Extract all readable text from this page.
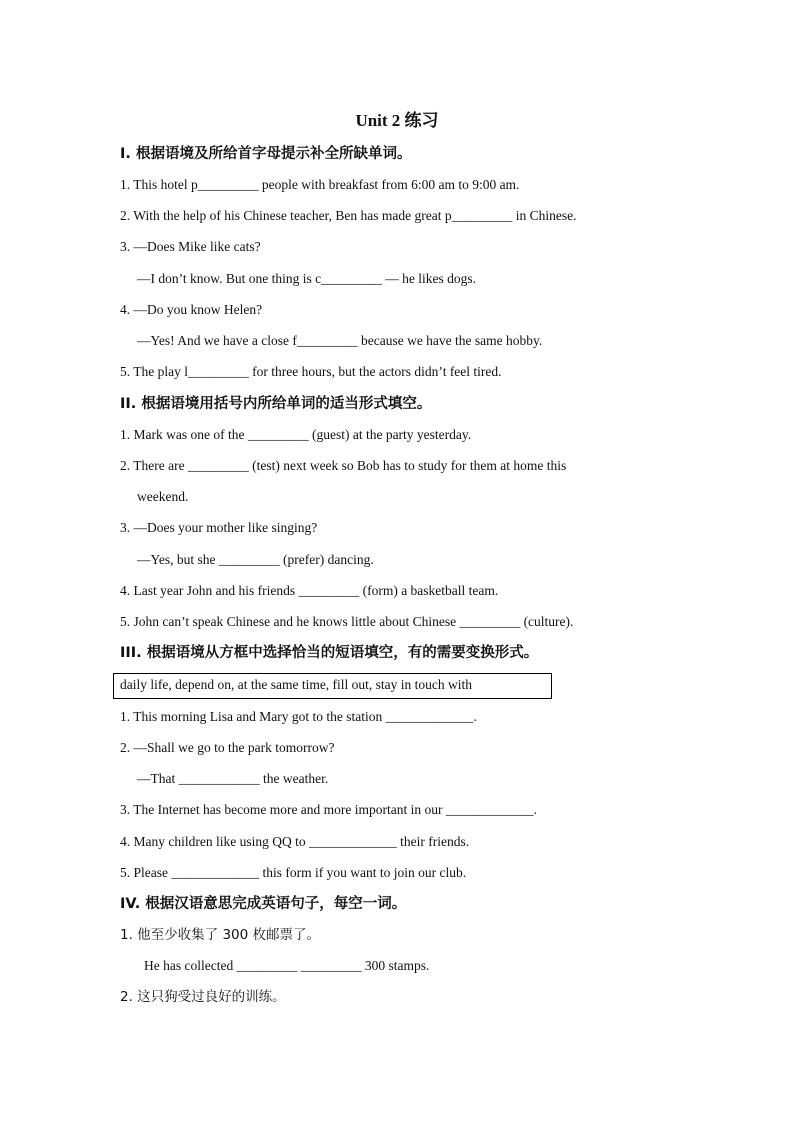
Unit 2 练习
Ⅰ. 根据语境及所给首字母提示补全所缺单词。
1. This hotel p_________ people with breakfast from 6:00 am to 9:00 am.
2. With the help of his Chinese teacher, Ben has made great p_________ in Chinese.
3. —Does Mike like cats?
—I don’t know. But one thing is c_________ — he likes dogs.
4. —Do you know Helen?
—Yes! And we have a close f_________ because we have the same hobby.
5. The play l_________ for three hours, but the actors didn’t feel tired.
II. 根据语境用括号内所给单词的适当形式填空。
1. Mark was one of the _________ (guest) at the party yesterday.
2. There are _________ (test) next week so Bob has to study for them at home this
weekend.
3. —Does your mother like singing?
—Yes, but she _________ (prefer) dancing.
4. Last year John and his friends _________ (form) a basketball team.
5. John can’t speak Chinese and he knows little about Chinese _________ (culture).
III. 根据语境从方框中选择恰当的短语填空，有的需要变换形式。
daily life, depend on, at the same time, fill out, stay in touch with
1. This morning Lisa and Mary got to the station _____________.
2. —Shall we go to the park tomorrow?
—That ____________ the weather.
3. The Internet has become more and more important in our _____________.
4. Many children like using QQ to _____________ their friends.
5. Please _____________ this form if you want to join our club.
IV. 根据汉语意思完成英语句子，每空一词。
1. 他至少收集了 300 枚邮票了。
He has collected _________ _________ 300 stamps.
2. 这只狗受过良好的训练。
